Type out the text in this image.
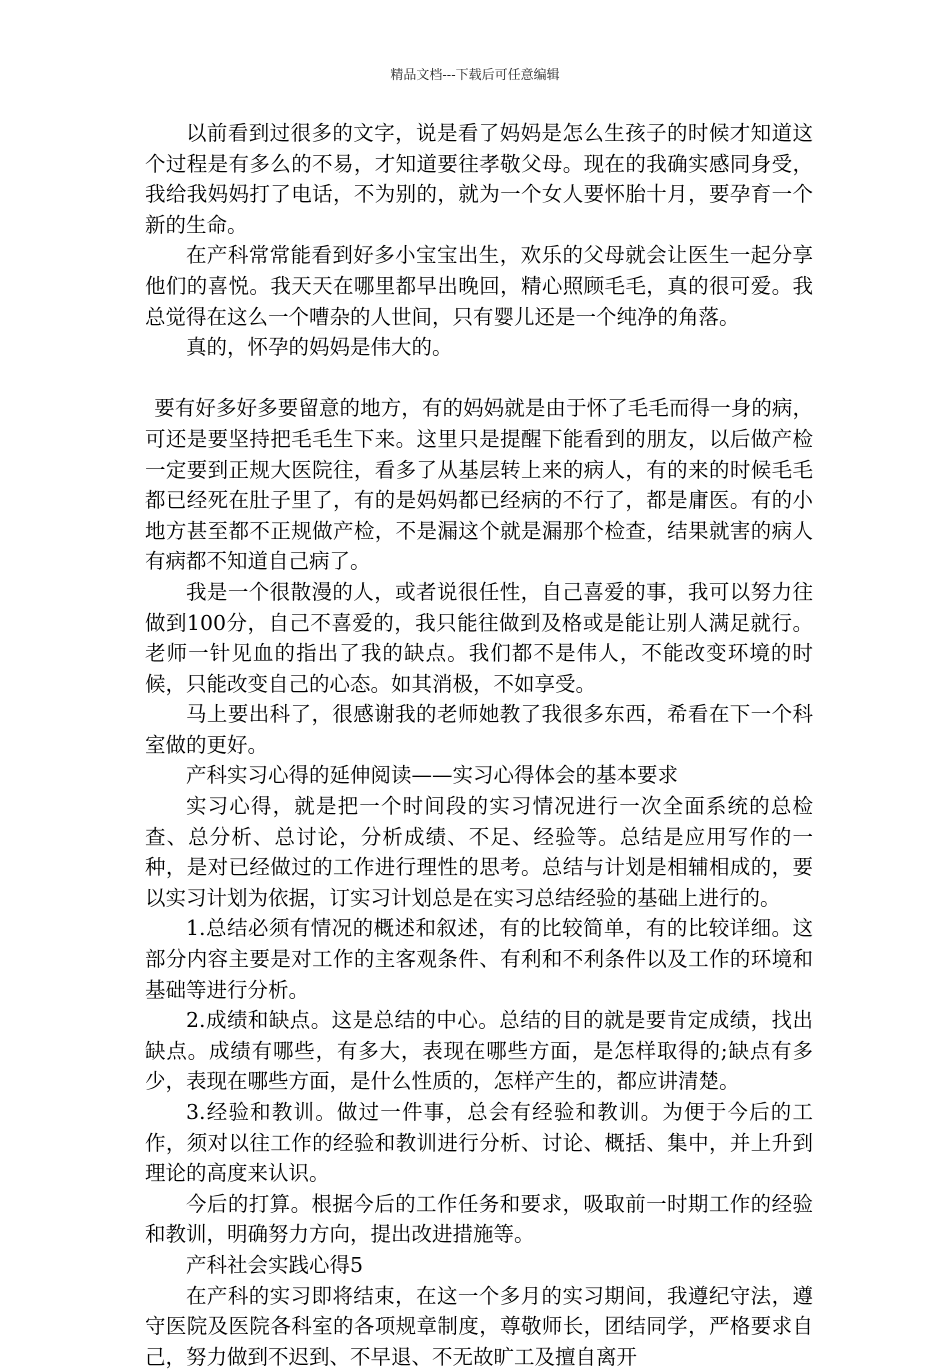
精品文档---下载后可任意编辑

以前看到过很多的文字，说是看了妈妈是怎么生孩子的时候才知道这个过程是有多么的不易，才知道要往孝敬父母。现在的我确实感同身受，我给我妈妈打了电话，不为别的，就为一个女人要怀胎十月，要孕育一个新的生命。

在产科常常能看到好多小宝宝出生，欢乐的父母就会让医生一起分享他们的喜悦。我天天在哪里都早出晚回，精心照顾毛毛，真的很可爱。我总觉得在这么一个嘈杂的人世间，只有婴儿还是一个纯净的角落。

真的，怀孕的妈妈是伟大的。

要有好多好多要留意的地方，有的妈妈就是由于怀了毛毛而得一身的病，可还是要坚持把毛毛生下来。这里只是提醒下能看到的朋友，以后做产检一定要到正规大医院往，看多了从基层转上来的病人，有的来的时候毛毛都已经死在肚子里了，有的是妈妈都已经病的不行了，都是庸医。有的小地方甚至都不正规做产检，不是漏这个就是漏那个检查，结果就害的病人有病都不知道自己病了。

我是一个很散漫的人，或者说很任性，自己喜爱的事，我可以努力往做到100分，自己不喜爱的，我只能往做到及格或是能让别人满足就行。老师一针见血的指出了我的缺点。我们都不是伟人，不能改变环境的时候，只能改变自己的心态。如其消极，不如享受。

马上要出科了，很感谢我的老师她教了我很多东西，希看在下一个科室做的更好。

产科实习心得的延伸阅读——实习心得体会的基本要求

实习心得，就是把一个时间段的实习情况进行一次全面系统的总检查、总分析、总讨论，分析成绩、不足、经验等。总结是应用写作的一种，是对已经做过的工作进行理性的思考。总结与计划是相辅相成的，要以实习计划为依据，订实习计划总是在实习总结经验的基础上进行的。

1.总结必须有情况的概述和叙述，有的比较简单，有的比较详细。这部分内容主要是对工作的主客观条件、有利和不利条件以及工作的环境和基础等进行分析。

2.成绩和缺点。这是总结的中心。总结的目的就是要肯定成绩，找出缺点。成绩有哪些，有多大，表现在哪些方面，是怎样取得的;缺点有多少，表现在哪些方面，是什么性质的，怎样产生的，都应讲清楚。

3.经验和教训。做过一件事，总会有经验和教训。为便于今后的工作，须对以往工作的经验和教训进行分析、讨论、概括、集中，并上升到理论的高度来认识。

今后的打算。根据今后的工作任务和要求，吸取前一时期工作的经验和教训，明确努力方向，提出改进措施等。

产科社会实践心得5

在产科的实习即将结束，在这一个多月的实习期间，我遵纪守法，遵守医院及医院各科室的各项规章制度，尊敬师长，团结同学，严格要求自己，努力做到不迟到、不早退、不无故旷工及擅自离开
